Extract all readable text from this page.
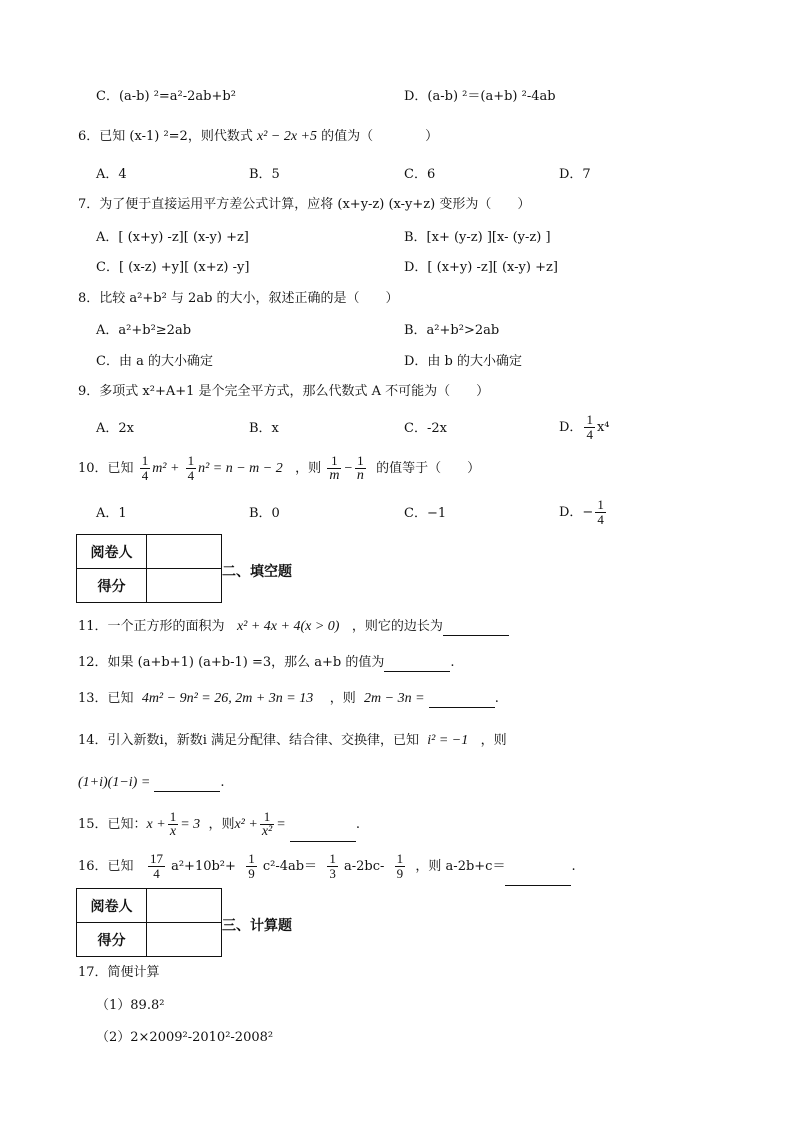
C．(a-b) ²=a²-2ab+b²	D．(a-b) ²＝(a+b) ²-4ab
6．已知 (x-1) ²=2，则代数式 x² − 2x +5 的值为（　　　　）
A．4	B．5	C．6	D．7
7．为了便于直接运用平方差公式计算，应将 (x+y-z) (x-y+z) 变形为（　　）
A．[ (x+y) -z][ (x-y) +z]	B．[x+ (y-z) ][x- (y-z) ]
C．[ (x-z) +y][ (x+z) -y]	D．[ (x+y) -z][ (x-y) +z]
8．比较 a²+b² 与 2ab 的大小，叙述正确的是（　　）
A．a²+b²≥2ab	B．a²+b²>2ab
C．由 a 的大小确定	D．由 b 的大小确定
9．多项式 x²+A+1 是个完全平方式，那么代数式 A 不可能为（　　）
A．2x	B．x	C．-2x	D． $\frac{1}{4} x^4$
10．已知 $\frac{1}{4} m^2 + \frac{1}{4} n^2 = n - m - 2$ ，则 $\frac{1}{m} - \frac{1}{n}$ 的值等于（　　）
A．1	B．0	C．−1	D．− $\frac{1}{4}$
阅卷人	
得分	
二、填空题
11．一个正方形的面积为 x² + 4x + 4(x > 0) ，则它的边长为
12．如果 (a+b+1) (a+b-1) =3，那么 a+b 的值为	.
13．已知 4m² − 9n² = 26, 2m + 3n = 13 ，则 2m − 3n =	.
14．引入新数i，新数i 满足分配律、结合律、交换律，已知 i² = −1 ，则
(1+i)(1−i) =	.
15．已知：$x + \frac{1}{x} = 3$ ，则$x^2 + \frac{1}{\text{x²}}$ =	.
16．已知 $\frac{17}{4} a^2+10b^2+ \frac{1}{9} c^2-4ab= \frac{1}{3} a-2bc- \frac{1}{9}$ ，则 a-2b+c＝	.
阅卷人	
得分	
三、计算题
17．简便计算
（1）89.8²
（2）2×2009²-2010²-2008²
